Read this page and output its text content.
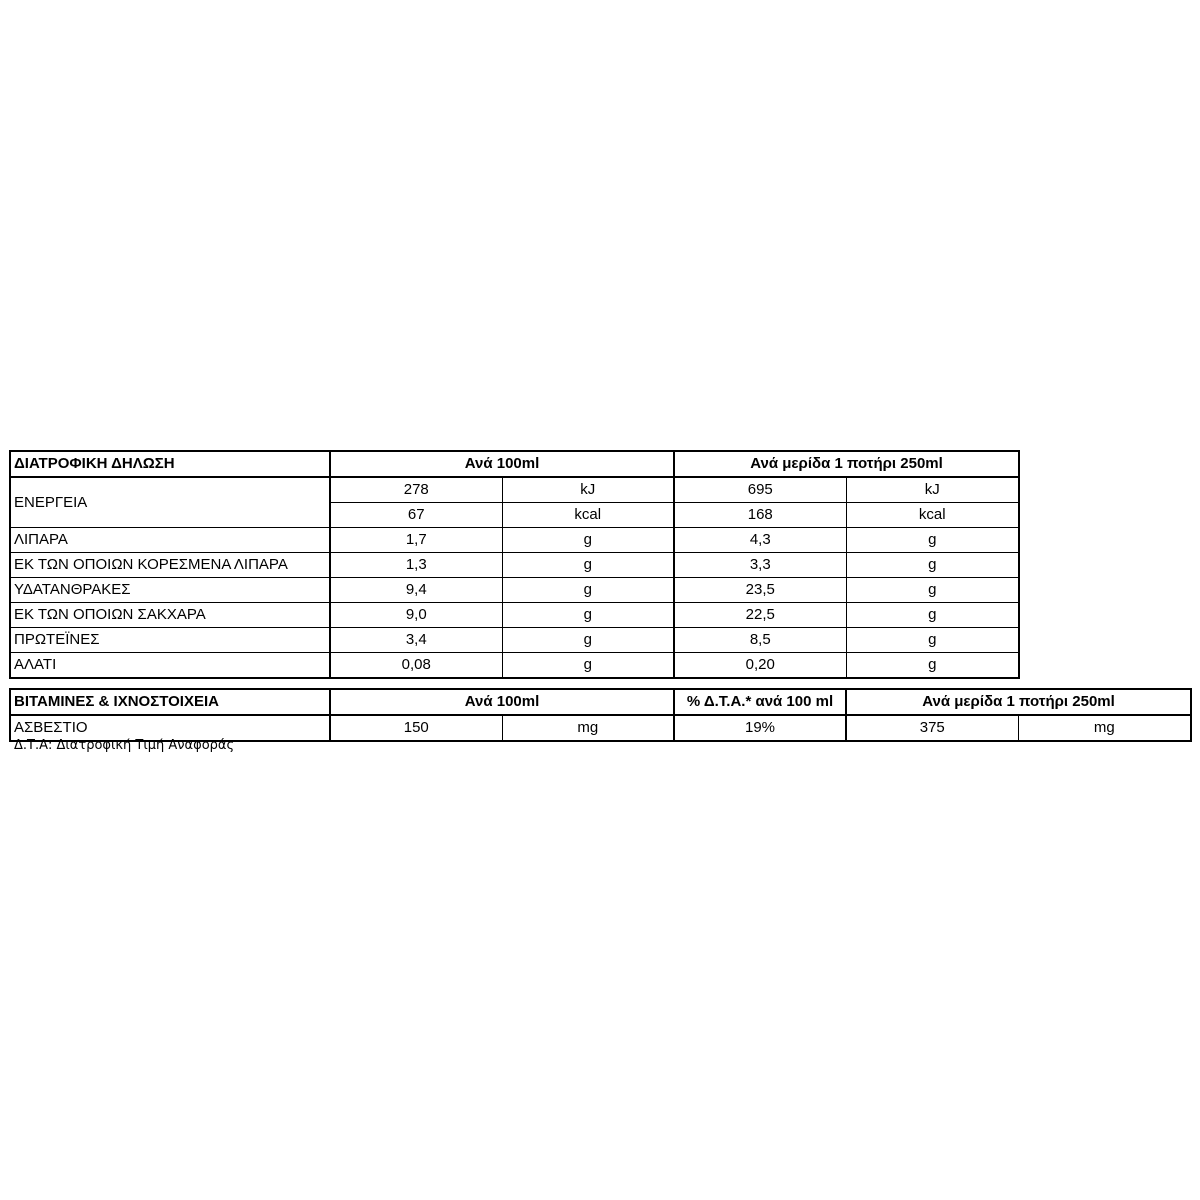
ΔΙΑΤΡΟΦΙΚΗ ΔΗΛΩΣΗ	Ανά 100ml		Ανά μερίδα 1 ποτήρι 250ml	
ΕΝΕΡΓΕΙΑ	278	kJ	695	kJ
	67	kcal	168	kcal
ΛΙΠΑΡΑ	1,7	g	4,3	g
ΕΚ ΤΩΝ ΟΠΟΙΩΝ ΚΟΡΕΣΜΕΝΑ ΛΙΠΑΡΑ	1,3	g	3,3	g
ΥΔΑΤΑΝΘΡΑΚΕΣ	9,4	g	23,5	g
ΕΚ ΤΩΝ ΟΠΟΙΩΝ ΣΑΚΧΑΡΑ	9,0	g	22,5	g
ΠΡΩΤΕΪΝΕΣ	3,4	g	8,5	g
ΑΛΑΤΙ	0,08	g	0,20	g
ΒΙΤΑΜΙΝΕΣ & ΙΧΝΟΣΤΟΙΧΕΙΑ	Ανά 100ml		% Δ.Τ.Α.* ανά 100 ml	Ανά μερίδα 1 ποτήρι 250ml	
ΑΣΒΕΣΤΙΟ	150	mg	19%	375	mg
Δ.Τ.Α: Διατροφική Τιμή Αναφοράς
